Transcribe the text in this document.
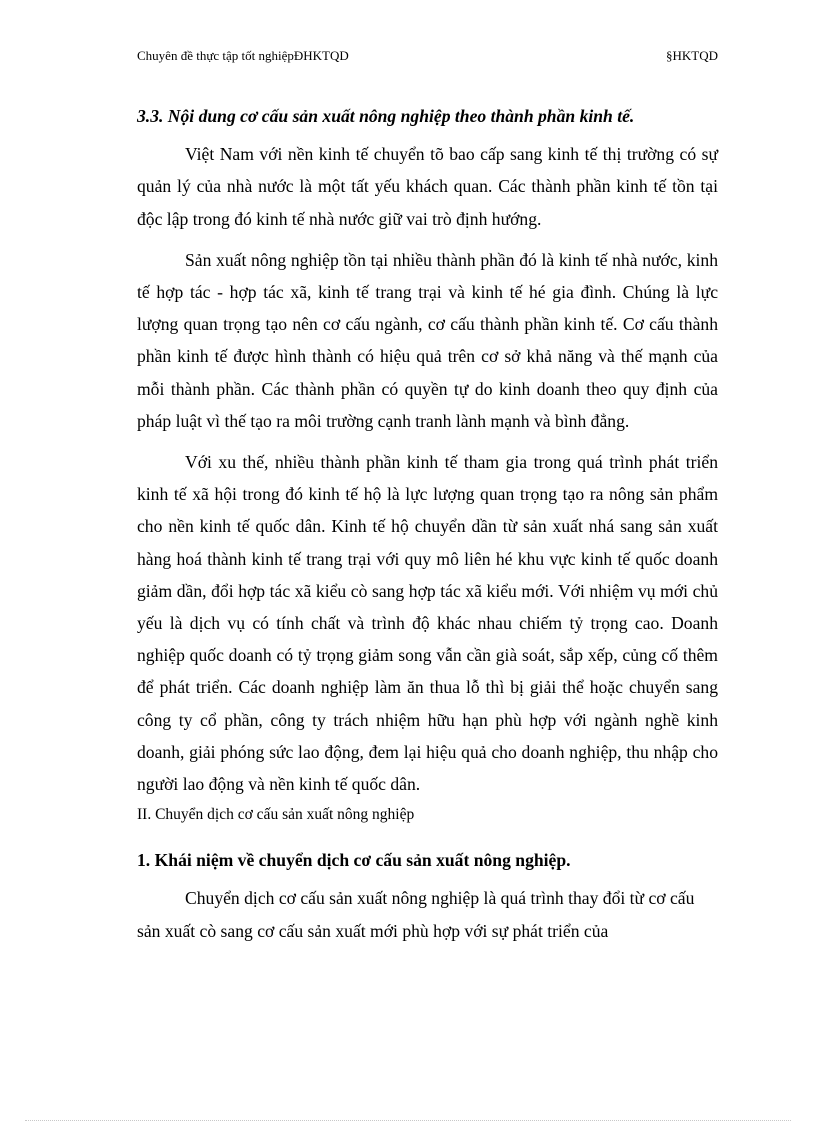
Chuyên đề thực tập tốt nghiệpĐHKTQD	§HKTQD
3.3. Nội dung cơ cấu sản xuất nông nghiệp theo thành phần kinh tế.

Việt Nam với nền kinh tế chuyển tõ bao cấp sang kinh tế thị trường có sự quản lý của nhà nước là một tất yếu khách quan. Các thành phần kinh tế tồn tại độc lập trong đó kinh tế nhà nước giữ vai trò định hướng.

Sản xuất nông nghiệp tồn tại nhiều thành phần đó là kinh tế nhà nước, kinh tế hợp tác - hợp tác xã, kinh tế trang trại và kinh tế hé gia đình. Chúng là lực lượng quan trọng tạo nên cơ cấu ngành, cơ cấu thành phần kinh tế. Cơ cấu thành phần kinh tế được hình thành có hiệu quả trên cơ sở khả năng và thế mạnh của mỗi thành phần. Các thành phần có quyền tự do kinh doanh theo quy định của pháp luật vì thế tạo ra môi trường cạnh tranh lành mạnh và bình đẳng.

Với xu thế, nhiều thành phần kinh tế tham gia trong quá trình phát triển kinh tế xã hội trong đó kinh tế hộ là lực lượng quan trọng tạo ra nông sản phẩm cho nền kinh tế quốc dân. Kinh tế hộ chuyển dần từ sản xuất nhá sang sản xuất hàng hoá thành kinh tế trang trại với quy mô liên hé khu vực kinh tế quốc doanh giảm dần, đổi hợp tác xã kiểu cò sang hợp tác xã kiểu mới. Với nhiệm vụ mới chủ yếu là dịch vụ có tính chất và trình độ khác nhau chiếm tỷ trọng cao. Doanh nghiệp quốc doanh có tỷ trọng giảm song vẫn cần già soát, sắp xếp, củng cố thêm để phát triển. Các doanh nghiệp làm ăn thua lỗ thì bị giải thể hoặc chuyển sang công ty cổ phần, công ty trách nhiệm hữu hạn phù hợp với ngành nghề kinh doanh, giải phóng sức lao động, đem lại hiệu quả cho doanh nghiệp, thu nhập cho người lao động và nền kinh tế quốc dân.

II. Chuyển dịch cơ cấu sản xuất nông nghiệp
1. Khái niệm về chuyển dịch cơ cấu sản xuất nông nghiệp.

Chuyển dịch cơ cấu sản xuất nông nghiệp là quá trình thay đổi từ cơ cấu sản xuất cò sang cơ cấu sản xuất mới phù hợp với sự phát triển của
